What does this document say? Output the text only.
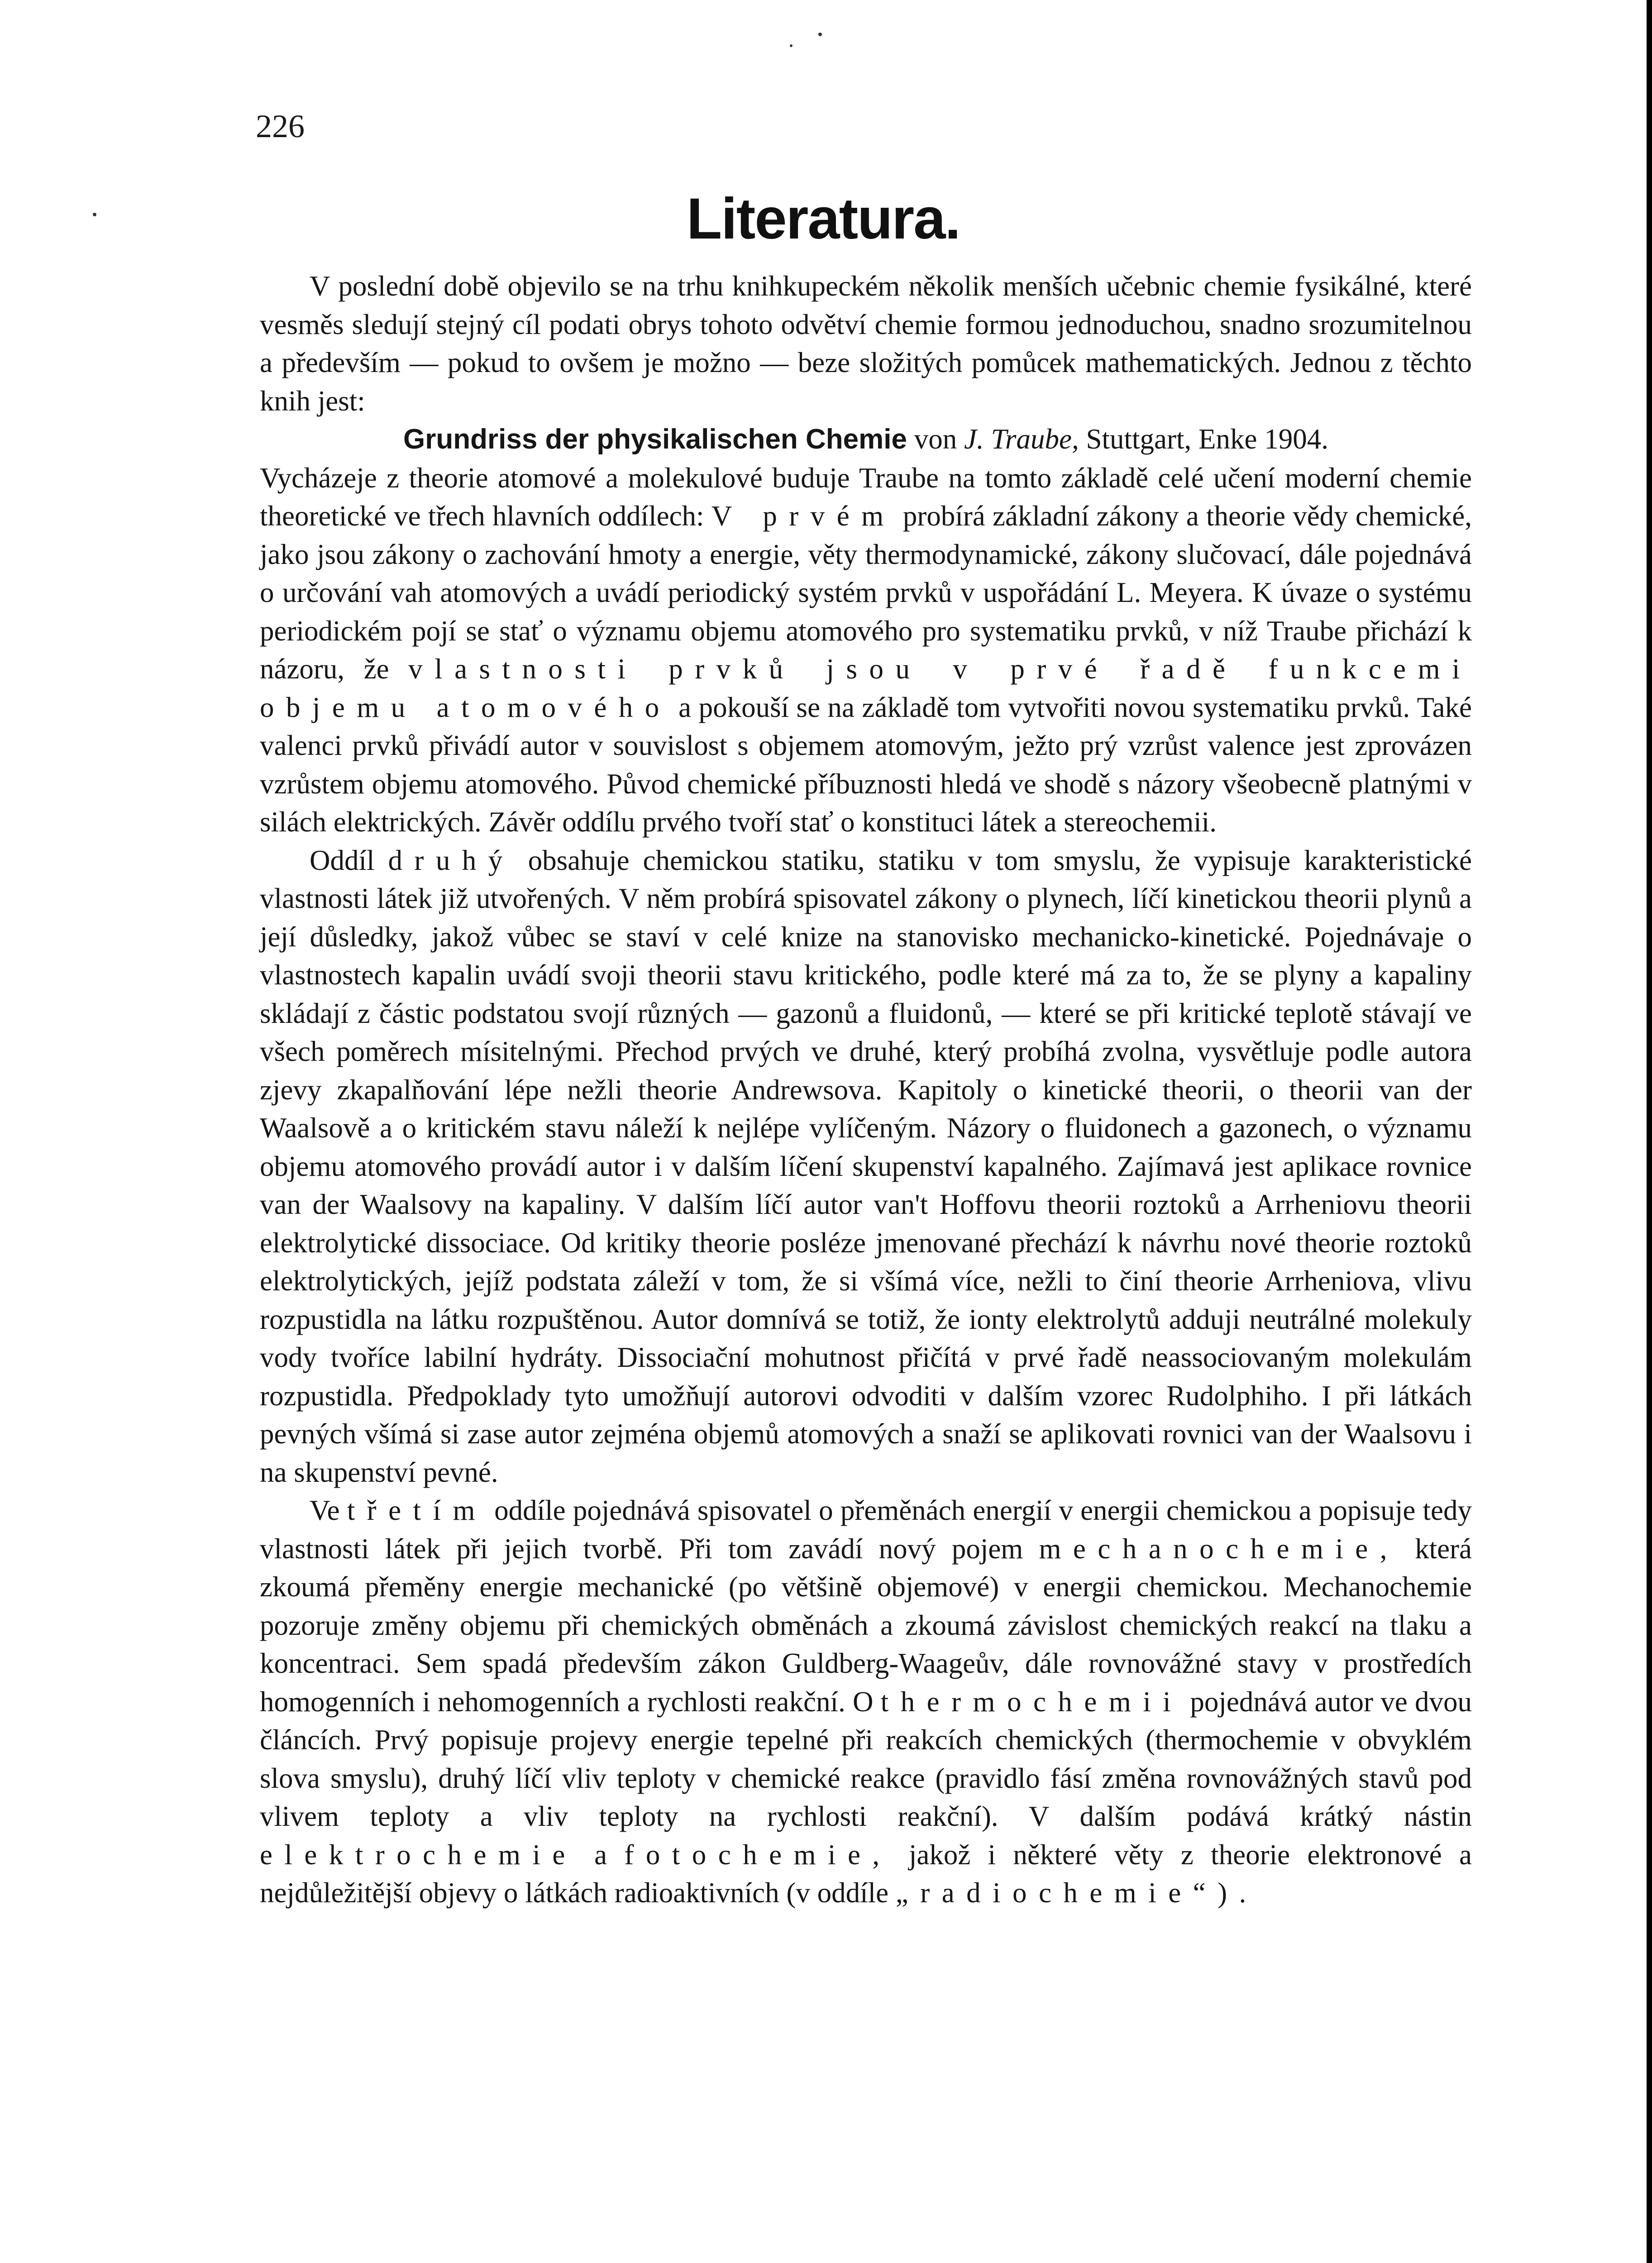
226
Literatura.

V poslední době objevilo se na trhu knihkupeckém několik menších učebnic chemie fysikálné, které vesměs sledují stejný cíl podati obrys tohoto odvětví chemie formou jednoduchou, snadno srozumitelnou a především — pokud to ovšem je možno — beze složitých pomůcek mathematických. Jednou z těchto knih jest:

Grundriss der physikalischen Chemie von J. Traube, Stuttgart, Enke 1904.

Vycházeje z theorie atomové a molekulové buduje Traube na tomto základě celé učení moderní chemie theoretické ve třech hlavních oddílech: V prvém probírá základní zákony a theorie vědy chemické, jako jsou zákony o zachování hmoty a energie, věty thermodynamické, zákony slučovací, dále pojednává o určování vah atomových a uvádí periodický systém prvků v uspořádání L. Meyera. K úvaze o systému periodickém pojí se stať o významu objemu atomového pro systematiku prvků, v níž Traube přichází k názoru, že vlastnosti prvků jsou v prvé řadě funkcemi objemu atomového a pokouší se na základě tom vytvořiti novou systematiku prvků. Také valenci prvků přivádí autor v souvislost s objemem atomovým, ježto prý vzrůst valence jest zprovázen vzrůstem objemu atomového. Původ chemické příbuznosti hledá ve shodě s názory všeobecně platnými v silách elektrických. Závěr oddílu prvého tvoří stať o konstituci látek a stereochemii.

Oddíl druhý obsahuje chemickou statiku, statiku v tom smyslu, že vypisuje karakteristické vlastnosti látek již utvořených. V něm probírá spisovatel zákony o plynech, líčí kinetickou theorii plynů a její důsledky, jakož vůbec se staví v celé knize na stanovisko mechanicko-kinetické. Pojednávaje o vlastnostech kapalin uvádí svoji theorii stavu kritického, podle které má za to, že se plyny a kapaliny skládají z částic podstatou svojí různých — gazonů a fluidonů, — které se při kritické teplotě stávají ve všech poměrech mísitelnými. Přechod prvých ve druhé, který probíhá zvolna, vysvětluje podle autora zjevy zkapalňování lépe nežli theorie Andrewsova. Kapitoly o kinetické theorii, o theorii van der Waalsově a o kritickém stavu náleží k nejlépe vylíčeným. Názory o fluidonech a gazonech, o významu objemu atomového provádí autor i v dalším líčení skupenství kapalného. Zajímavá jest aplikace rovnice van der Waalsovy na kapaliny. V dalším líčí autor van't Hoffovu theorii roztoků a Arrheniovu theorii elektrolytické dissociace. Od kritiky theorie posléze jmenované přechází k návrhu nové theorie roztoků elektrolytických, jejíž podstata záleží v tom, že si všímá více, nežli to činí theorie Arrheniova, vlivu rozpustidla na látku rozpuštěnou. Autor domnívá se totiž, že ionty elektrolytů adduji neutrálné molekuly vody tvoříce labilní hydráty. Dissociační mohutnost přičítá v prvé řadě neassociovaným molekulám rozpustidla. Předpoklady tyto umožňují autorovi odvoditi v dalším vzorec Rudolphiho. I při látkách pevných všímá si zase autor zejména objemů atomových a snaží se aplikovati rovnici van der Waalsovu i na skupenství pevné.

Ve třetím oddíle pojednává spisovatel o přeměnách energií v energii chemickou a popisuje tedy vlastnosti látek při jejich tvorbě. Při tom zavádí nový pojem mechanochemie, která zkoumá přeměny energie mechanické (po většině objemové) v energii chemickou. Mechanochemie pozoruje změny objemu při chemických obměnách a zkoumá závislost chemických reakcí na tlaku a koncentraci. Sem spadá především zákon Guldberg-Waageův, dále rovnovážné stavy v prostředích homogenních i nehomogenních a rychlosti reakční. O thermochemii pojednává autor ve dvou článcích. Prvý popisuje projevy energie tepelné při reakcích chemických (thermochemie v obvyklém slova smyslu), druhý líčí vliv teploty v chemické reakce (pravidlo fásí změna rovnovážných stavů pod vlivem teploty a vliv teploty na rychlosti reakční). V dalším podává krátký nástin elektrochemie a fotochemie, jakož i některé věty z theorie elektronové a nejdůležitější objevy o látkách radioaktivních (v oddíle „radiochemie“).
